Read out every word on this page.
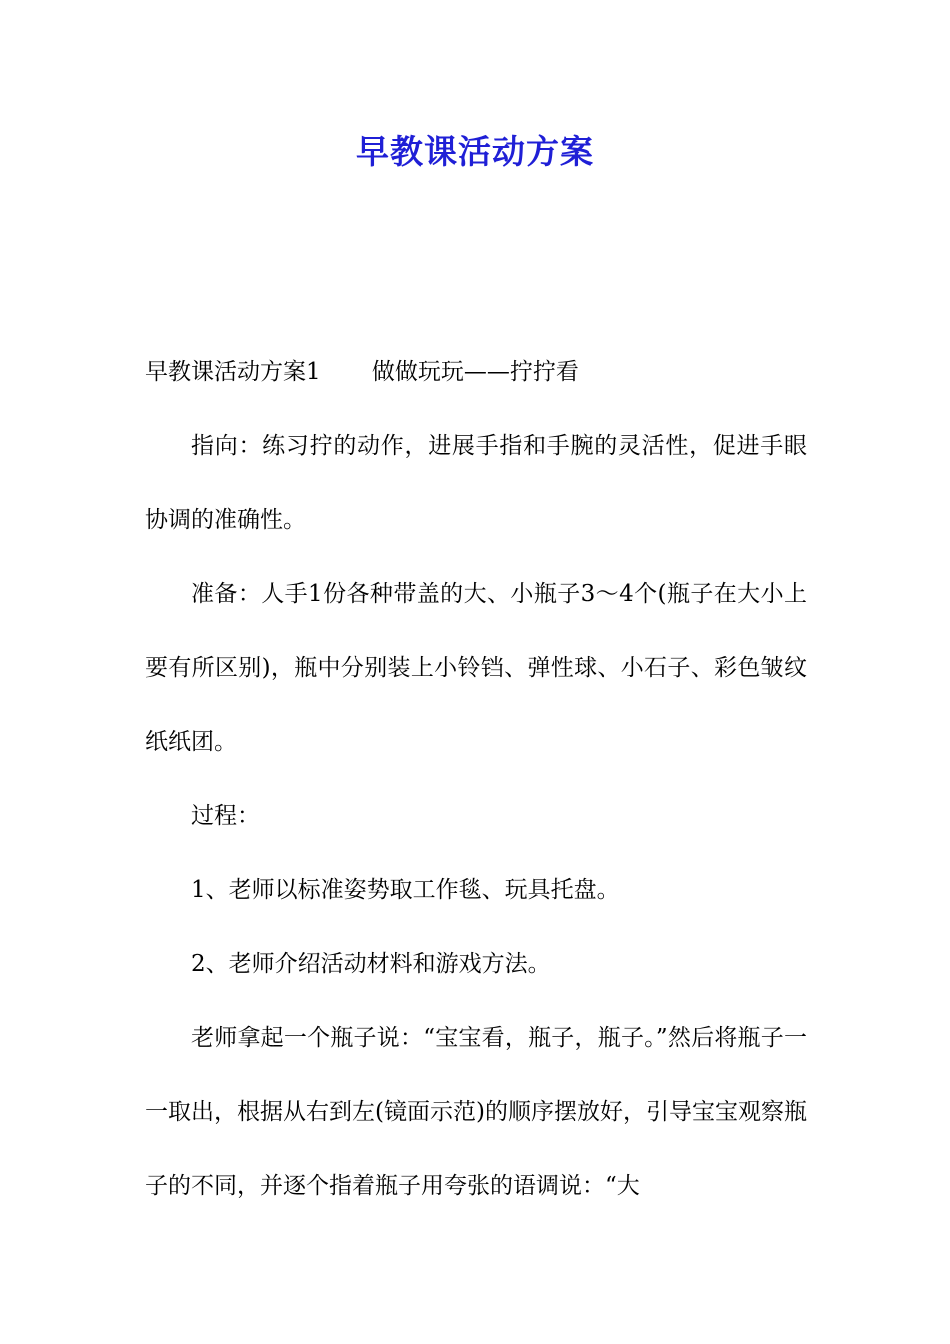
早教课活动方案

早教课活动方案1 做做玩玩——拧拧看

指向：练习拧的动作，进展手指和手腕的灵活性，促进手眼协调的准确性。

准备：人手1份各种带盖的大、小瓶子3～4个(瓶子在大小上要有所区别)，瓶中分别装上小铃铛、弹性球、小石子、彩色皱纹纸纸团。

过程：

1、老师以标准姿势取工作毯、玩具托盘。

2、老师介绍活动材料和游戏方法。

老师拿起一个瓶子说：“宝宝看，瓶子，瓶子。”然后将瓶子一一取出，根据从右到左(镜面示范)的顺序摆放好，引导宝宝观察瓶子的不同，并逐个指着瓶子用夸张的语调说：“大
